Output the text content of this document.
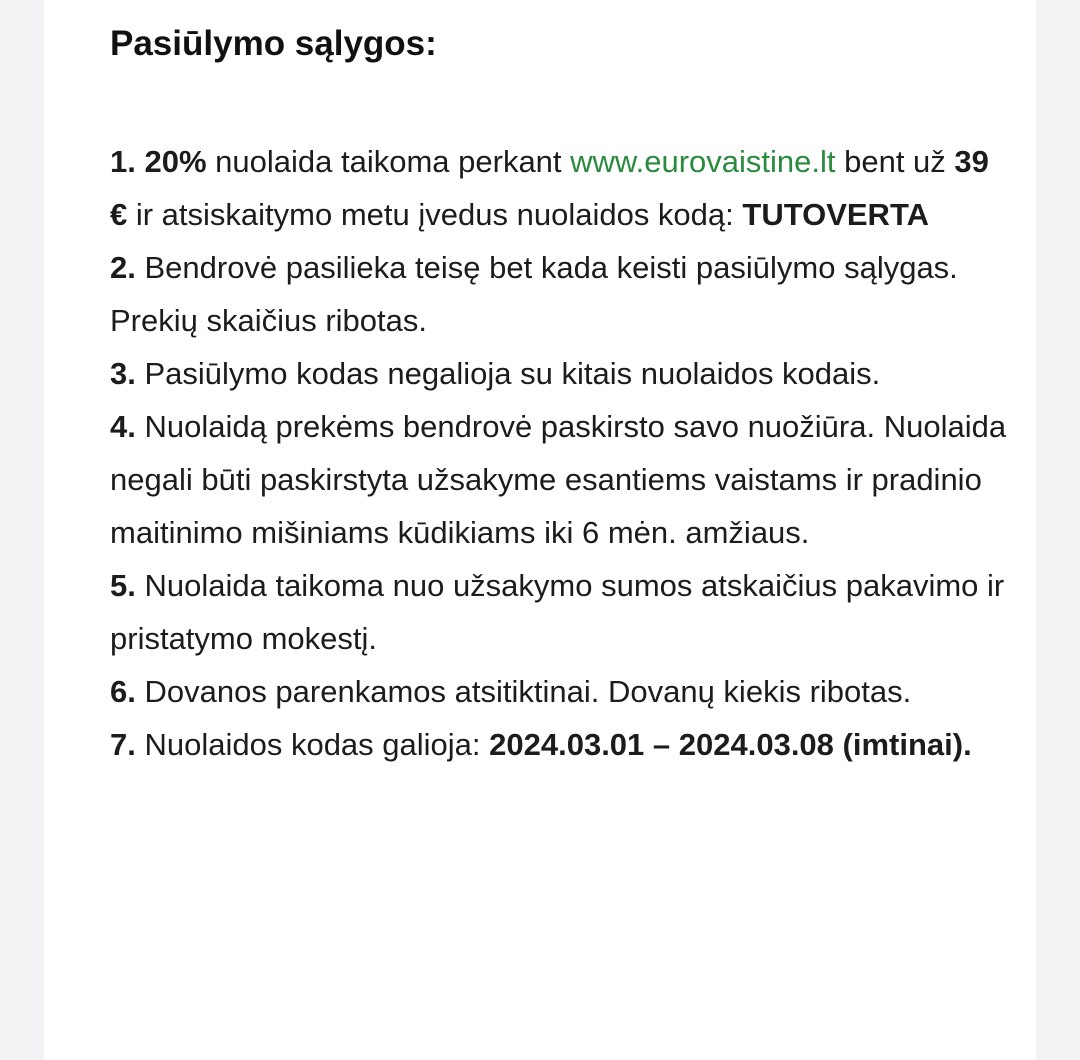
Pasiūlymo sąlygos:

1. 20% nuolaida taikoma perkant www.eurovaistine.lt bent už 39 € ir atsiskaitymo metu įvedus nuolaidos kodą: TUTOVERTA

2. Bendrovė pasilieka teisę bet kada keisti pasiūlymo sąlygas. Prekių skaičius ribotas.

3. Pasiūlymo kodas negalioja su kitais nuolaidos kodais.

4. Nuolaidą prekėms bendrovė paskirsto savo nuožiūra. Nuolaida negali būti paskirstyta užsakyme esantiems vaistams ir pradinio maitinimo mišiniams kūdikiams iki 6 mėn. amžiaus.

5. Nuolaida taikoma nuo užsakymo sumos atskaičius pakavimo ir pristatymo mokestį.

6. Dovanos parenkamos atsitiktinai. Dovanų kiekis ribotas.

7. Nuolaidos kodas galioja: 2024.03.01 – 2024.03.08 (imtinai).
